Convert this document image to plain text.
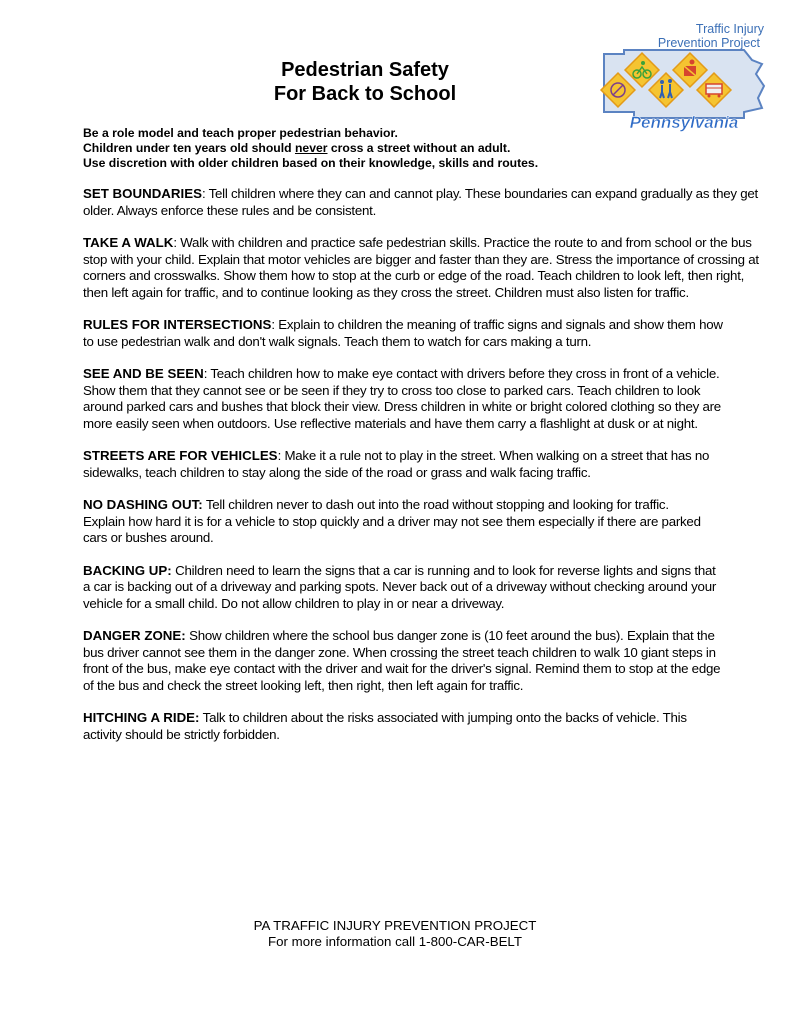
Pedestrian Safety
For Back to School
Traffic Injury
Prevention Project
Pennsylvania
Be a role model and teach proper pedestrian behavior.
Children under ten years old should never cross a street without an adult.
Use discretion with older children based on their knowledge, skills and routes.

SET BOUNDARIES: Tell children where they can and cannot play. These boundaries can expand gradually as they get older. Always enforce these rules and be consistent.

TAKE A WALK: Walk with children and practice safe pedestrian skills. Practice the route to and from school or the bus stop with your child. Explain that motor vehicles are bigger and faster than they are. Stress the importance of crossing at corners and crosswalks. Show them how to stop at the curb or edge of the road. Teach children to look left, then right, then left again for traffic, and to continue looking as they cross the street. Children must also listen for traffic.

RULES FOR INTERSECTIONS: Explain to children the meaning of traffic signs and signals and show them how to use pedestrian walk and don't walk signals. Teach them to watch for cars making a turn.

SEE AND BE SEEN: Teach children how to make eye contact with drivers before they cross in front of a vehicle. Show them that they cannot see or be seen if they try to cross too close to parked cars. Teach children to look around parked cars and bushes that block their view. Dress children in white or bright colored clothing so they are more easily seen when outdoors. Use reflective materials and have them carry a flashlight at dusk or at night.

STREETS ARE FOR VEHICLES: Make it a rule not to play in the street. When walking on a street that has no sidewalks, teach children to stay along the side of the road or grass and walk facing traffic.

NO DASHING OUT: Tell children never to dash out into the road without stopping and looking for traffic. Explain how hard it is for a vehicle to stop quickly and a driver may not see them especially if there are parked cars or bushes around.

BACKING UP: Children need to learn the signs that a car is running and to look for reverse lights and signs that a car is backing out of a driveway and parking spots. Never back out of a driveway without checking around your vehicle for a small child. Do not allow children to play in or near a driveway.

DANGER ZONE: Show children where the school bus danger zone is (10 feet around the bus). Explain that the bus driver cannot see them in the danger zone. When crossing the street teach children to walk 10 giant steps in front of the bus, make eye contact with the driver and wait for the driver's signal. Remind them to stop at the edge of the bus and check the street looking left, then right, then left again for traffic.

HITCHING A RIDE: Talk to children about the risks associated with jumping onto the backs of vehicle. This activity should be strictly forbidden.

PA TRAFFIC INJURY PREVENTION PROJECT
For more information call 1-800-CAR-BELT
